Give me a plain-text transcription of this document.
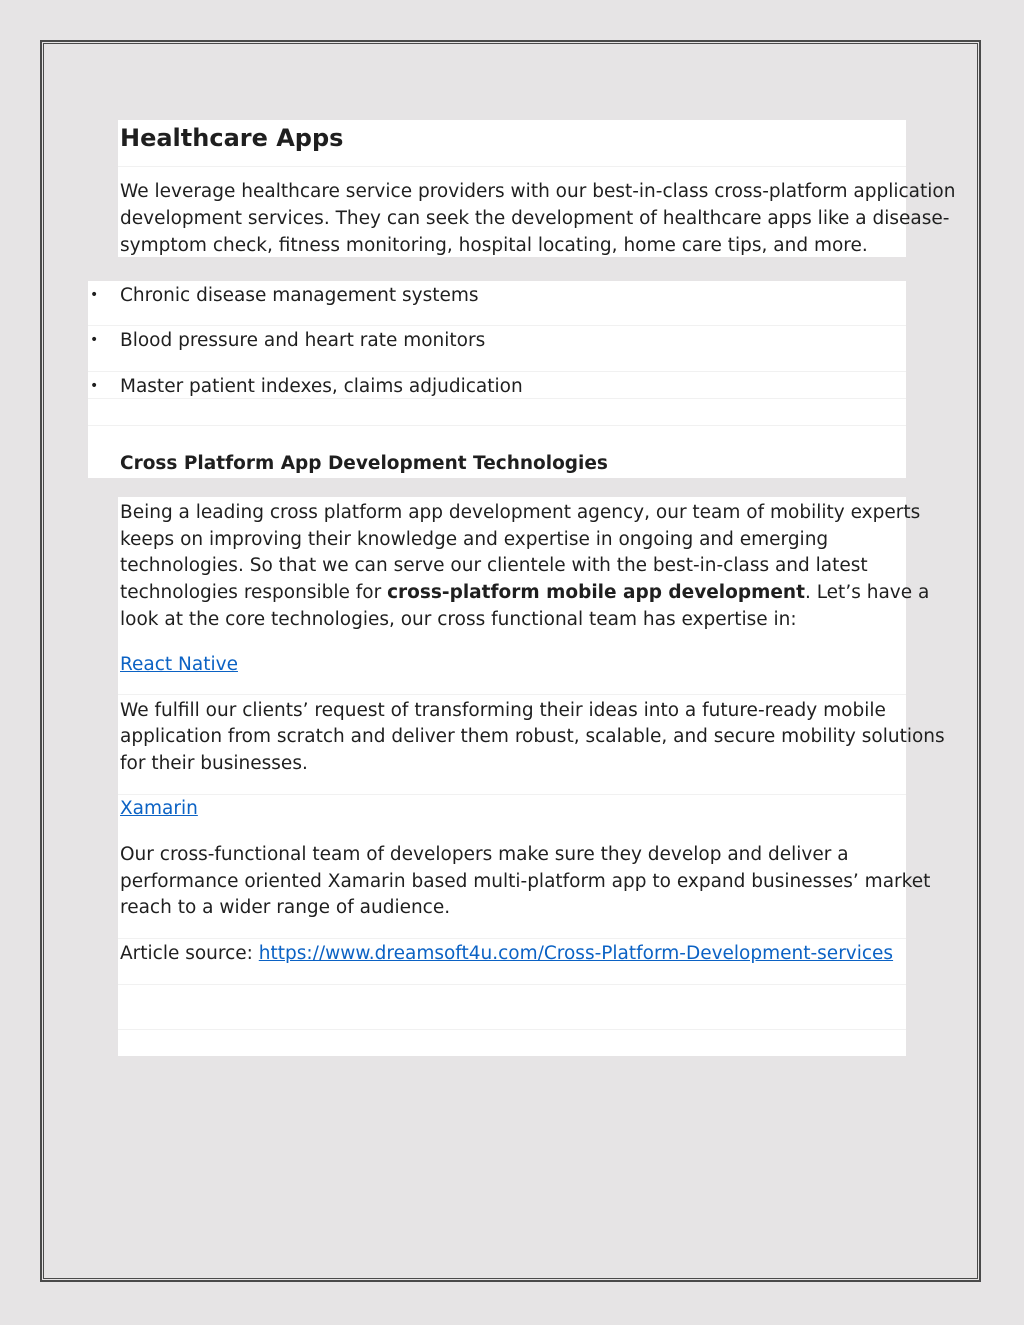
Healthcare Apps
We leverage healthcare service providers with our best-in-class cross-platform application
development services. They can seek the development of healthcare apps like a disease-
symptom check, fitness monitoring, hospital locating, home care tips, and more.
• Chronic disease management systems
• Blood pressure and heart rate monitors
• Master patient indexes, claims adjudication
Cross Platform App Development Technologies
Being a leading cross platform app development agency, our team of mobility experts
keeps on improving their knowledge and expertise in ongoing and emerging
technologies. So that we can serve our clientele with the best-in-class and latest
technologies responsible for cross-platform mobile app development. Let’s have a
look at the core technologies, our cross functional team has expertise in:
React Native
We fulfill our clients’ request of transforming their ideas into a future-ready mobile
application from scratch and deliver them robust, scalable, and secure mobility solutions
for their businesses.
Xamarin
Our cross-functional team of developers make sure they develop and deliver a
performance oriented Xamarin based multi-platform app to expand businesses’ market
reach to a wider range of audience.
Article source: https://www.dreamsoft4u.com/Cross-Platform-Development-services
